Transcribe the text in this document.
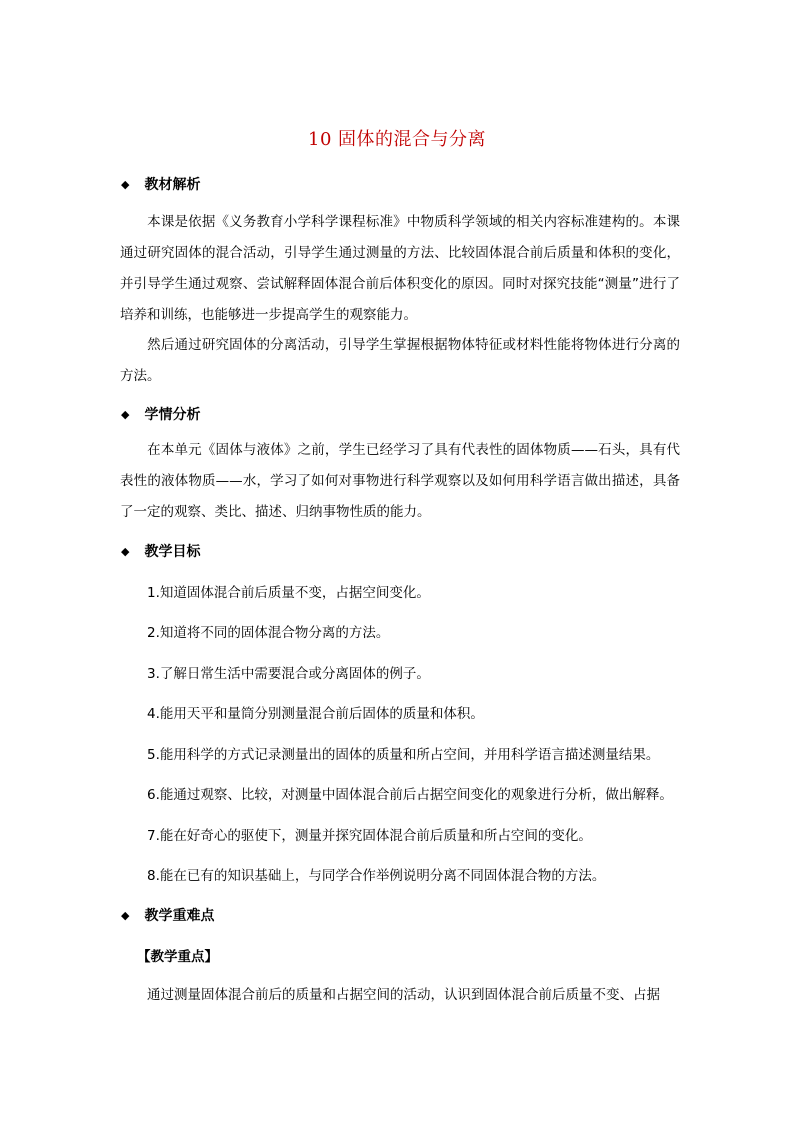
10 固体的混合与分离
◆ 教材解析
本课是依据《义务教育小学科学课程标准》中物质科学领域的相关内容标准建构的。本课通过研究固体的混合活动，引导学生通过测量的方法、比较固体混合前后质量和体积的变化，并引导学生通过观察、尝试解释固体混合前后体积变化的原因。同时对探究技能“测量”进行了培养和训练，也能够进一步提高学生的观察能力。
然后通过研究固体的分离活动，引导学生掌握根据物体特征或材料性能将物体进行分离的方法。
◆ 学情分析
在本单元《固体与液体》之前，学生已经学习了具有代表性的固体物质——石头，具有代表性的液体物质——水，学习了如何对事物进行科学观察以及如何用科学语言做出描述，具备了一定的观察、类比、描述、归纳事物性质的能力。
◆ 教学目标
1.知道固体混合前后质量不变，占据空间变化。
2.知道将不同的固体混合物分离的方法。
3.了解日常生活中需要混合或分离固体的例子。
4.能用天平和量筒分别测量混合前后固体的质量和体积。
5.能用科学的方式记录测量出的固体的质量和所占空间，并用科学语言描述测量结果。
6.能通过观察、比较，对测量中固体混合前后占据空间变化的观象进行分析，做出解释。
7.能在好奇心的驱使下，测量并探究固体混合前后质量和所占空间的变化。
8.能在已有的知识基础上，与同学合作举例说明分离不同固体混合物的方法。
◆ 教学重难点
【教学重点】
通过测量固体混合前后的质量和占据空间的活动，认识到固体混合前后质量不变、占据
